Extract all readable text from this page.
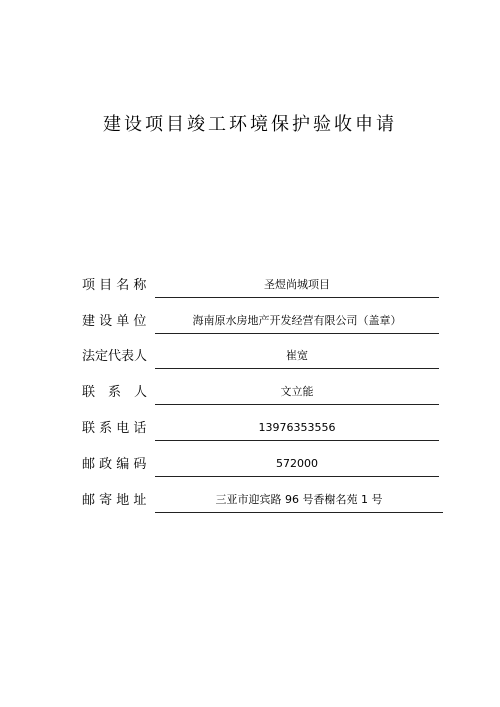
建设项目竣工环境保护验收申请
项 目 名 称	圣煜尚城项目
建 设 单 位	海南原水房地产开发经营有限公司（盖章）
法定代表人	崔宽
联　系　人	文立能
联 系 电 话	13976353556
邮 政 编 码	572000
邮 寄 地 址	三亚市迎宾路 96 号香榭名苑 1 号
